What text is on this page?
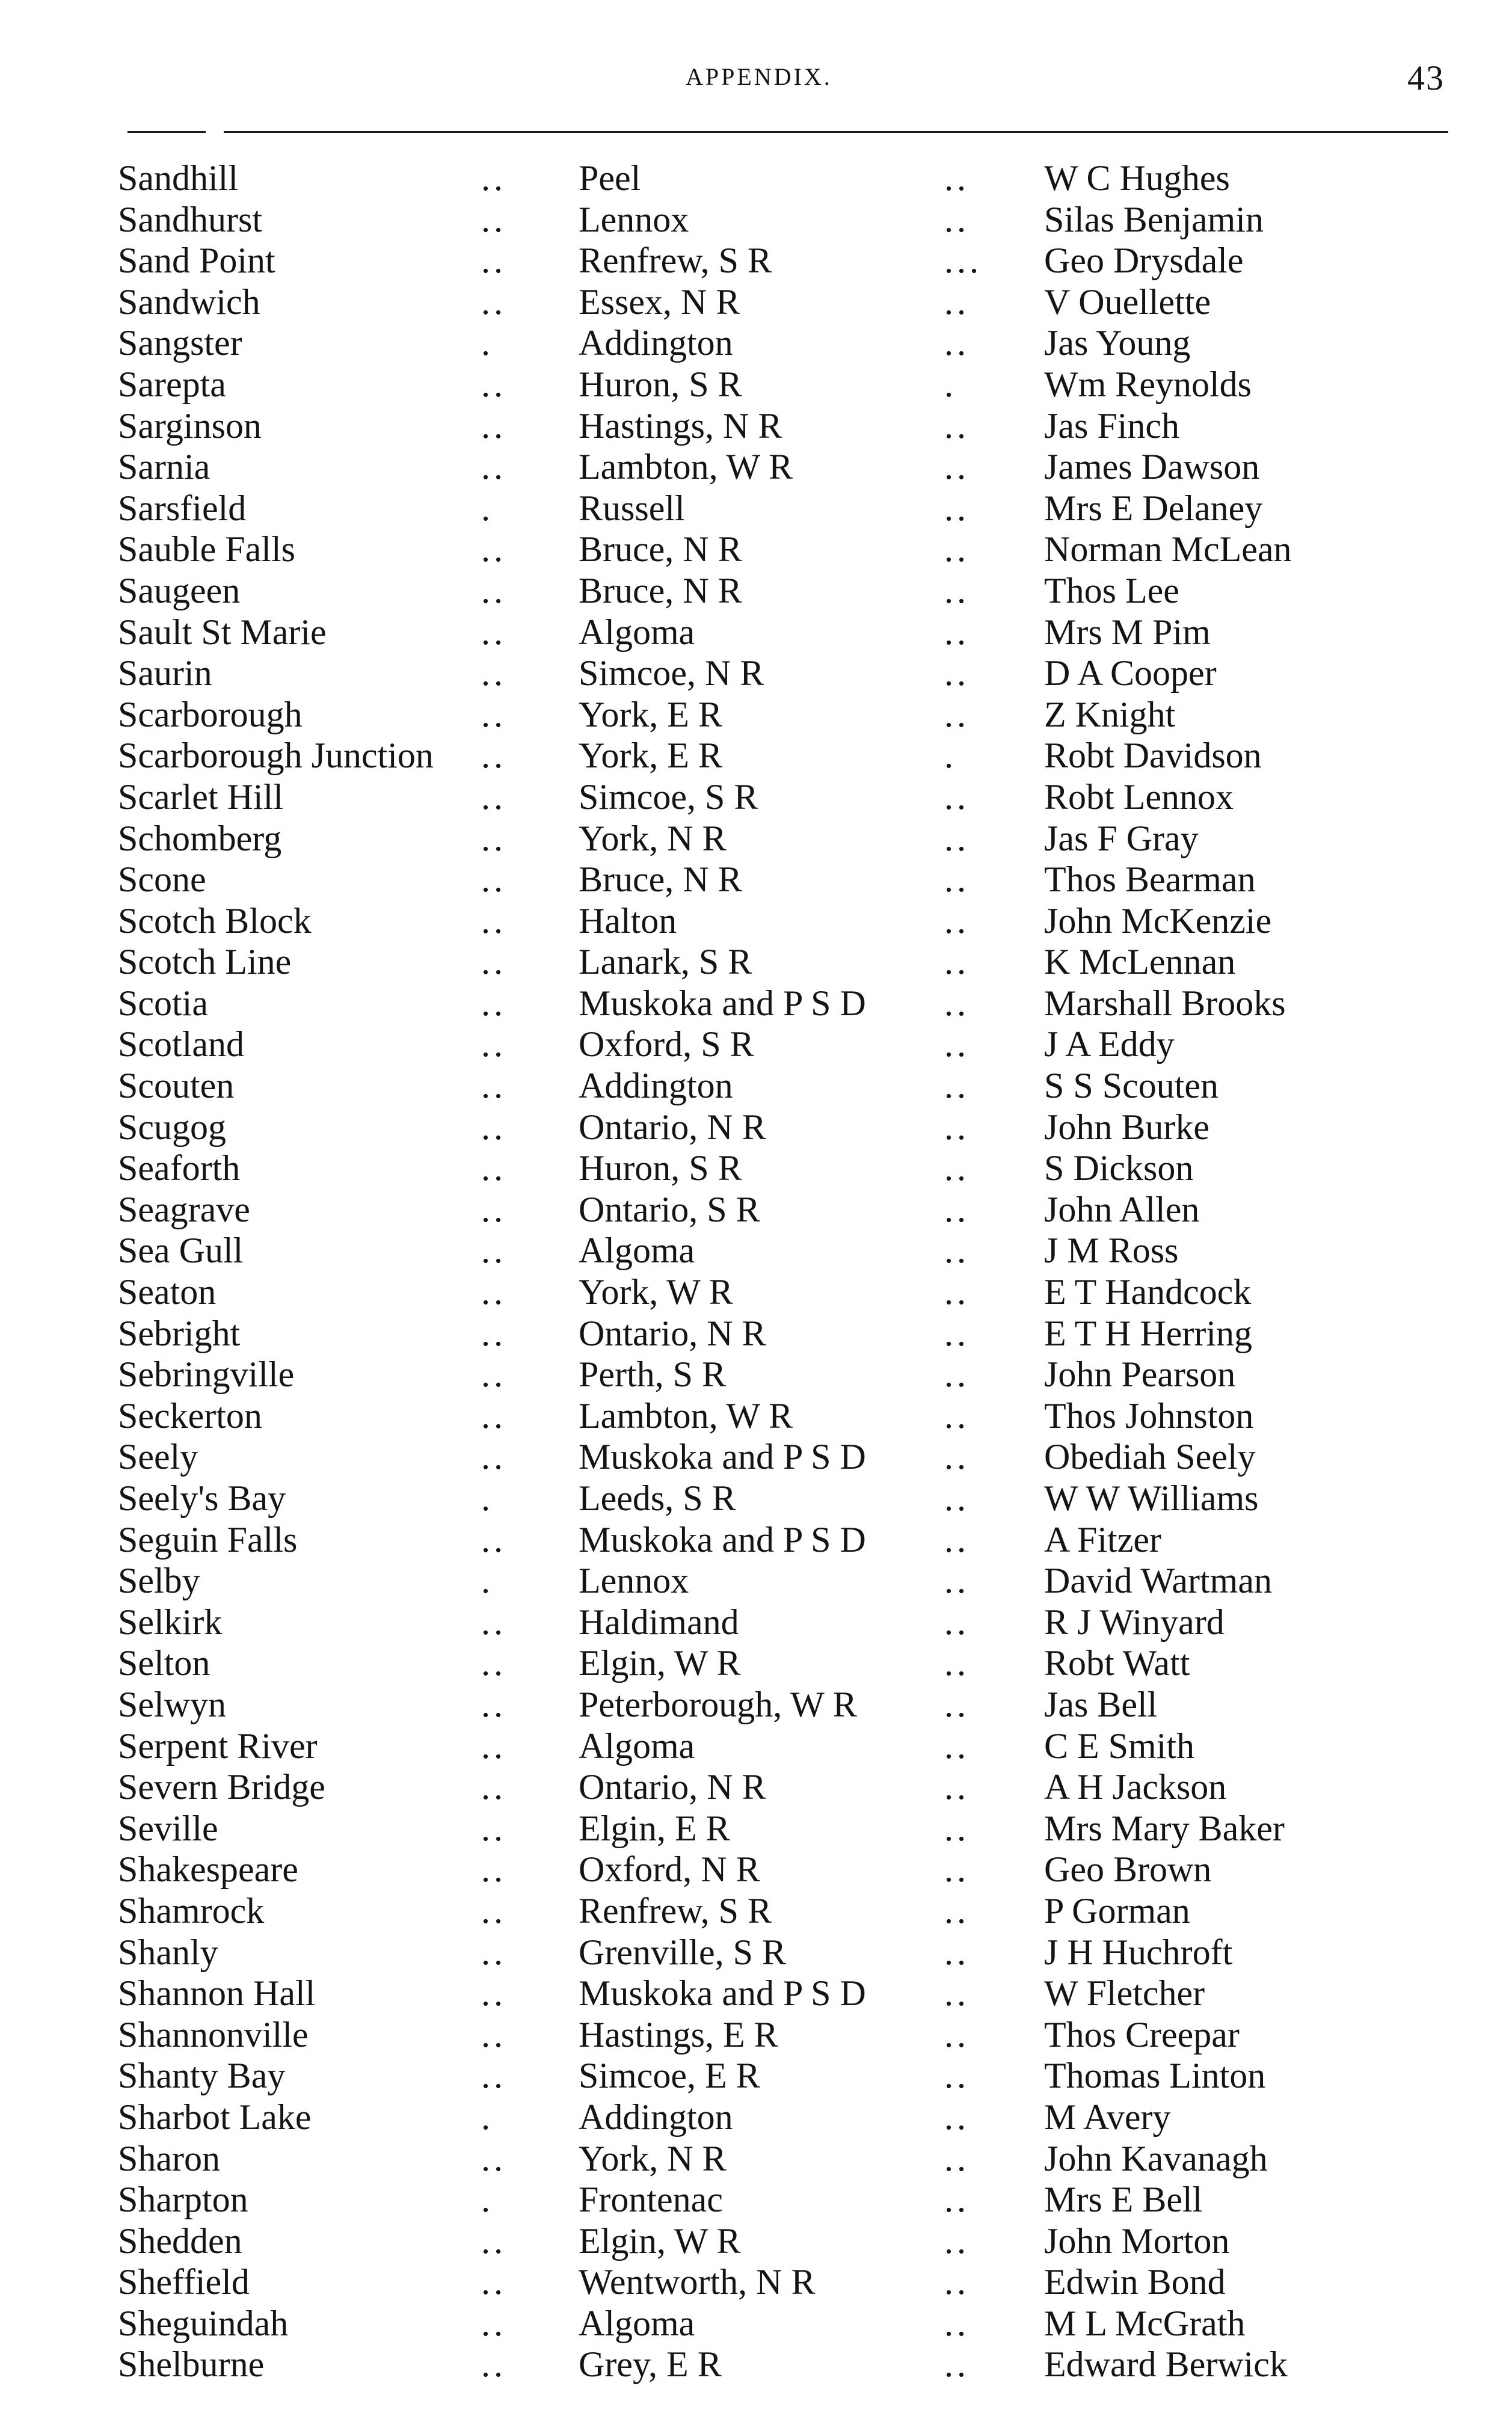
APPENDIX.	43
Sandhill	.. Peel	.. W C Hughes
Sandhurst	.. Lennox	.. Silas Benjamin
Sand Point	.. Renfrew, S R	... Geo Drysdale
Sandwich	.. Essex, N R	.. V Ouellette
Sangster	. Addington	.. Jas Young
Sarepta	.. Huron, S R	. Wm Reynolds
Sarginson	.. Hastings, N R	.. Jas Finch
Sarnia	.. Lambton, W R	.. James Dawson
Sarsfield	. Russell	.. Mrs E Delaney
Sauble Falls	.. Bruce, N R	.. Norman McLean
Saugeen	.. Bruce, N R	.. Thos Lee
Sault St Marie	.. Algoma	.. Mrs M Pim
Saurin	.. Simcoe, N R	.. D A Cooper
Scarborough	.. York, E R	.. Z Knight
Scarborough Junction .. York, E R	. Robt Davidson
Scarlet Hill	.. Simcoe, S R	.. Robt Lennox
Schomberg	.. York, N R	.. Jas F Gray
Scone	.. Bruce, N R	.. Thos Bearman
Scotch Block	.. Halton	.. John McKenzie
Scotch Line	.. Lanark, S R	.. K McLennan
Scotia	.. Muskoka and P S D .. Marshall Brooks
Scotland	.. Oxford, S R	.. J A Eddy
Scouten	.. Addington	.. S S Scouten
Scugog	.. Ontario, N R	.. John Burke
Seaforth	.. Huron, S R	.. S Dickson
Seagrave	.. Ontario, S R	.. John Allen
Sea Gull	.. Algoma	.. J M Ross
Seaton	.. York, W R	.. E T Handcock
Sebright	.. Ontario, N R	.. E T H Herring
Sebringville	.. Perth, S R	.. John Pearson
Seckerton	.. Lambton, W R	.. Thos Johnston
Seely	.. Muskoka and P S D .. Obediah Seely
Seely's Bay	. Leeds, S R	.. W W Williams
Seguin Falls	.. Muskoka and P S D .. A Fitzer
Selby	. Lennox	.. David Wartman
Selkirk	.. Haldimand	.. R J Winyard
Selton	.. Elgin, W R	.. Robt Watt
Selwyn	.. Peterborough, W R .. Jas Bell
Serpent River	.. Algoma	.. C E Smith
Severn Bridge	.. Ontario, N R	.. A H Jackson
Seville	.. Elgin, E R	.. Mrs Mary Baker
Shakespeare	.. Oxford, N R	.. Geo Brown
Shamrock	.. Renfrew, S R	.. P Gorman
Shanly	.. Grenville, S R	.. J H Huchroft
Shannon Hall	.. Muskoka and P S D .. W Fletcher
Shannonville	.. Hastings, E R	.. Thos Creepar
Shanty Bay	.. Simcoe, E R	.. Thomas Linton
Sharbot Lake	. Addington	.. M Avery
Sharon	.. York, N R	.. John Kavanagh
Sharpton	. Frontenac	.. Mrs E Bell
Shedden	.. Elgin, W R	.. John Morton
Sheffield	.. Wentworth, N R	.. Edwin Bond
Sheguindah	.. Algoma	.. M L McGrath
Shelburne	.. Grey, E R	.. Edward Berwick
